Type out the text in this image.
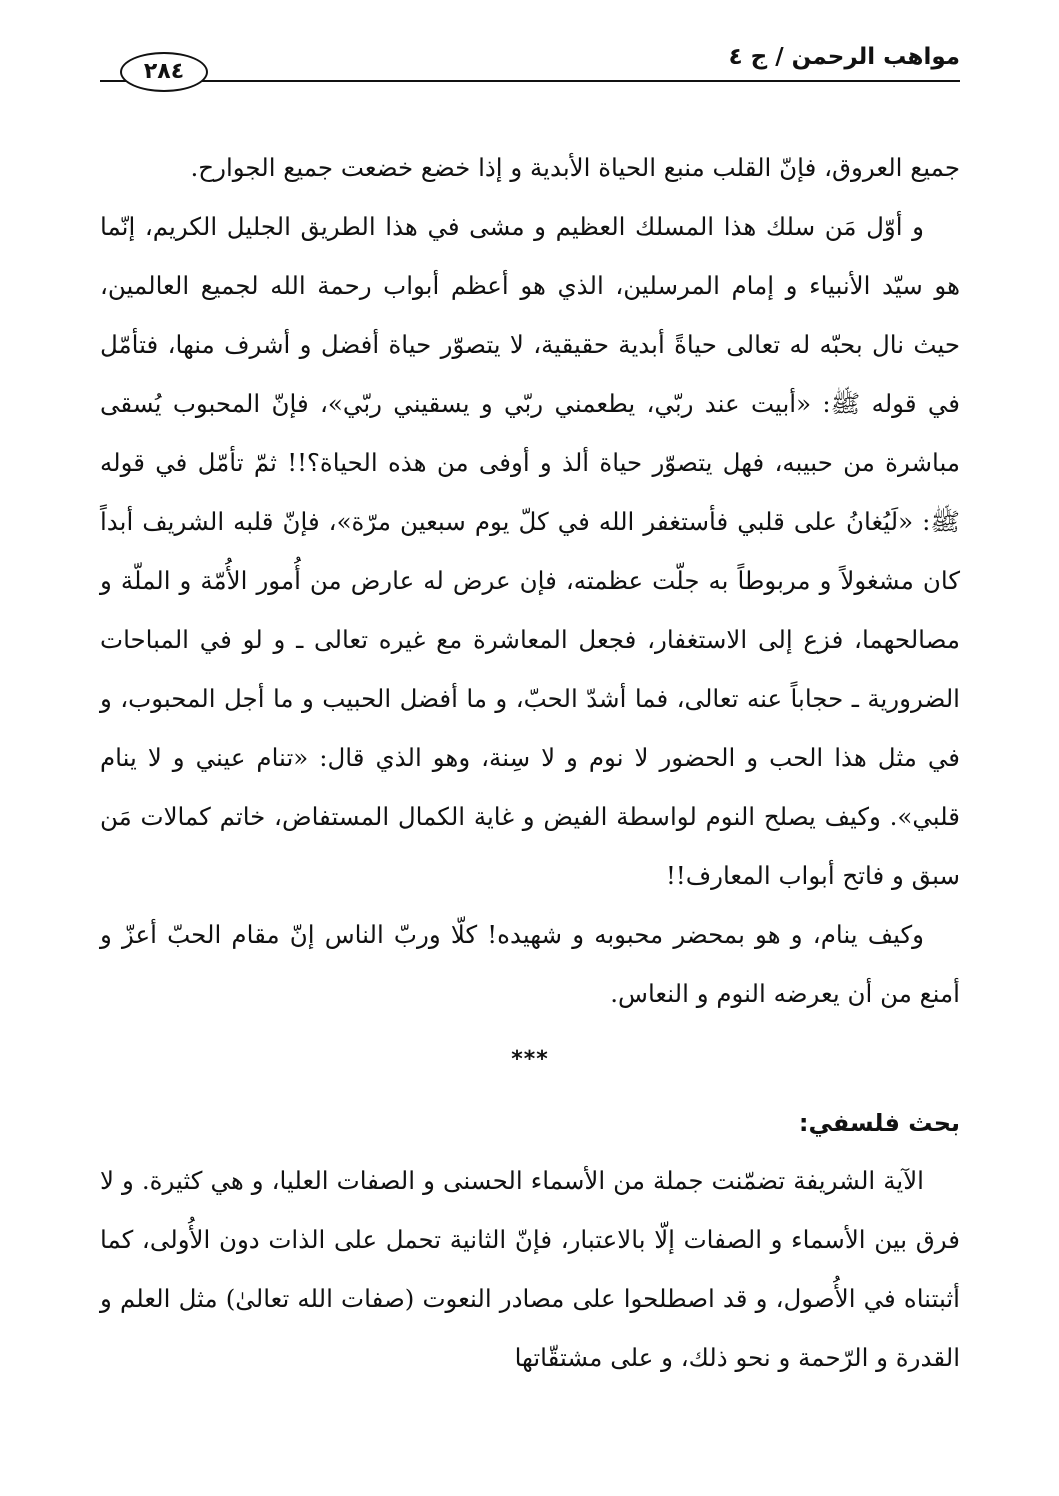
مواهب الرحمن / ج ٤
٢٨٤

جميع العروق، فإنّ القلب منبع الحياة الأبدية و إذا خضع خضعت جميع الجوارح.

و أوّل مَن سلك هذا المسلك العظيم و مشى في هذا الطريق الجليل الكريم، إنّما هو سيّد الأنبياء و إمام المرسلين، الذي هو أعظم أبواب رحمة الله لجميع العالمين، حيث نال بحبّه له تعالى حياةً أبدية حقيقية، لا يتصوّر حياة أفضل و أشرف منها، فتأمّل في قوله ﷺ: «أبيت عند ربّي، يطعمني ربّي و يسقيني ربّي»، فإنّ المحبوب يُسقى مباشرة من حبيبه، فهل يتصوّر حياة ألذ و أوفى من هذه الحياة؟!! ثمّ تأمّل في قوله ﷺ: «لَيُغانُ على قلبي فأستغفر الله في كلّ يوم سبعين مرّة»، فإنّ قلبه الشريف أبداً كان مشغولاً و مربوطاً به جلّت عظمته، فإن عرض له عارض من أُمور الأُمّة و الملّة و مصالحهما، فزع إلى الاستغفار، فجعل المعاشرة مع غيره تعالى ـ و لو في المباحات الضرورية ـ حجاباً عنه تعالى، فما أشدّ الحبّ، و ما أفضل الحبيب و ما أجل المحبوب، و في مثل هذا الحب و الحضور لا نوم و لا سِنة، وهو الذي قال: «تنام عيني و لا ينام قلبي». وكيف يصلح النوم لواسطة الفيض و غاية الكمال المستفاض، خاتم كمالات مَن سبق و فاتح أبواب المعارف!!

وكيف ينام، و هو بمحضر محبوبه و شهيده! كلّا وربّ الناس إنّ مقام الحبّ أعزّ و أمنع من أن يعرضه النوم و النعاس.

***
بحث فلسفي:

الآية الشريفة تضمّنت جملة من الأسماء الحسنى و الصفات العليا، و هي كثيرة. و لا فرق بين الأسماء و الصفات إلّا بالاعتبار، فإنّ الثانية تحمل على الذات دون الأُولى، كما أثبتناه في الأُصول، و قد اصطلحوا على مصادر النعوت (صفات الله تعالىٰ) مثل العلم و القدرة و الرّحمة و نحو ذلك، و على مشتقّاتها
